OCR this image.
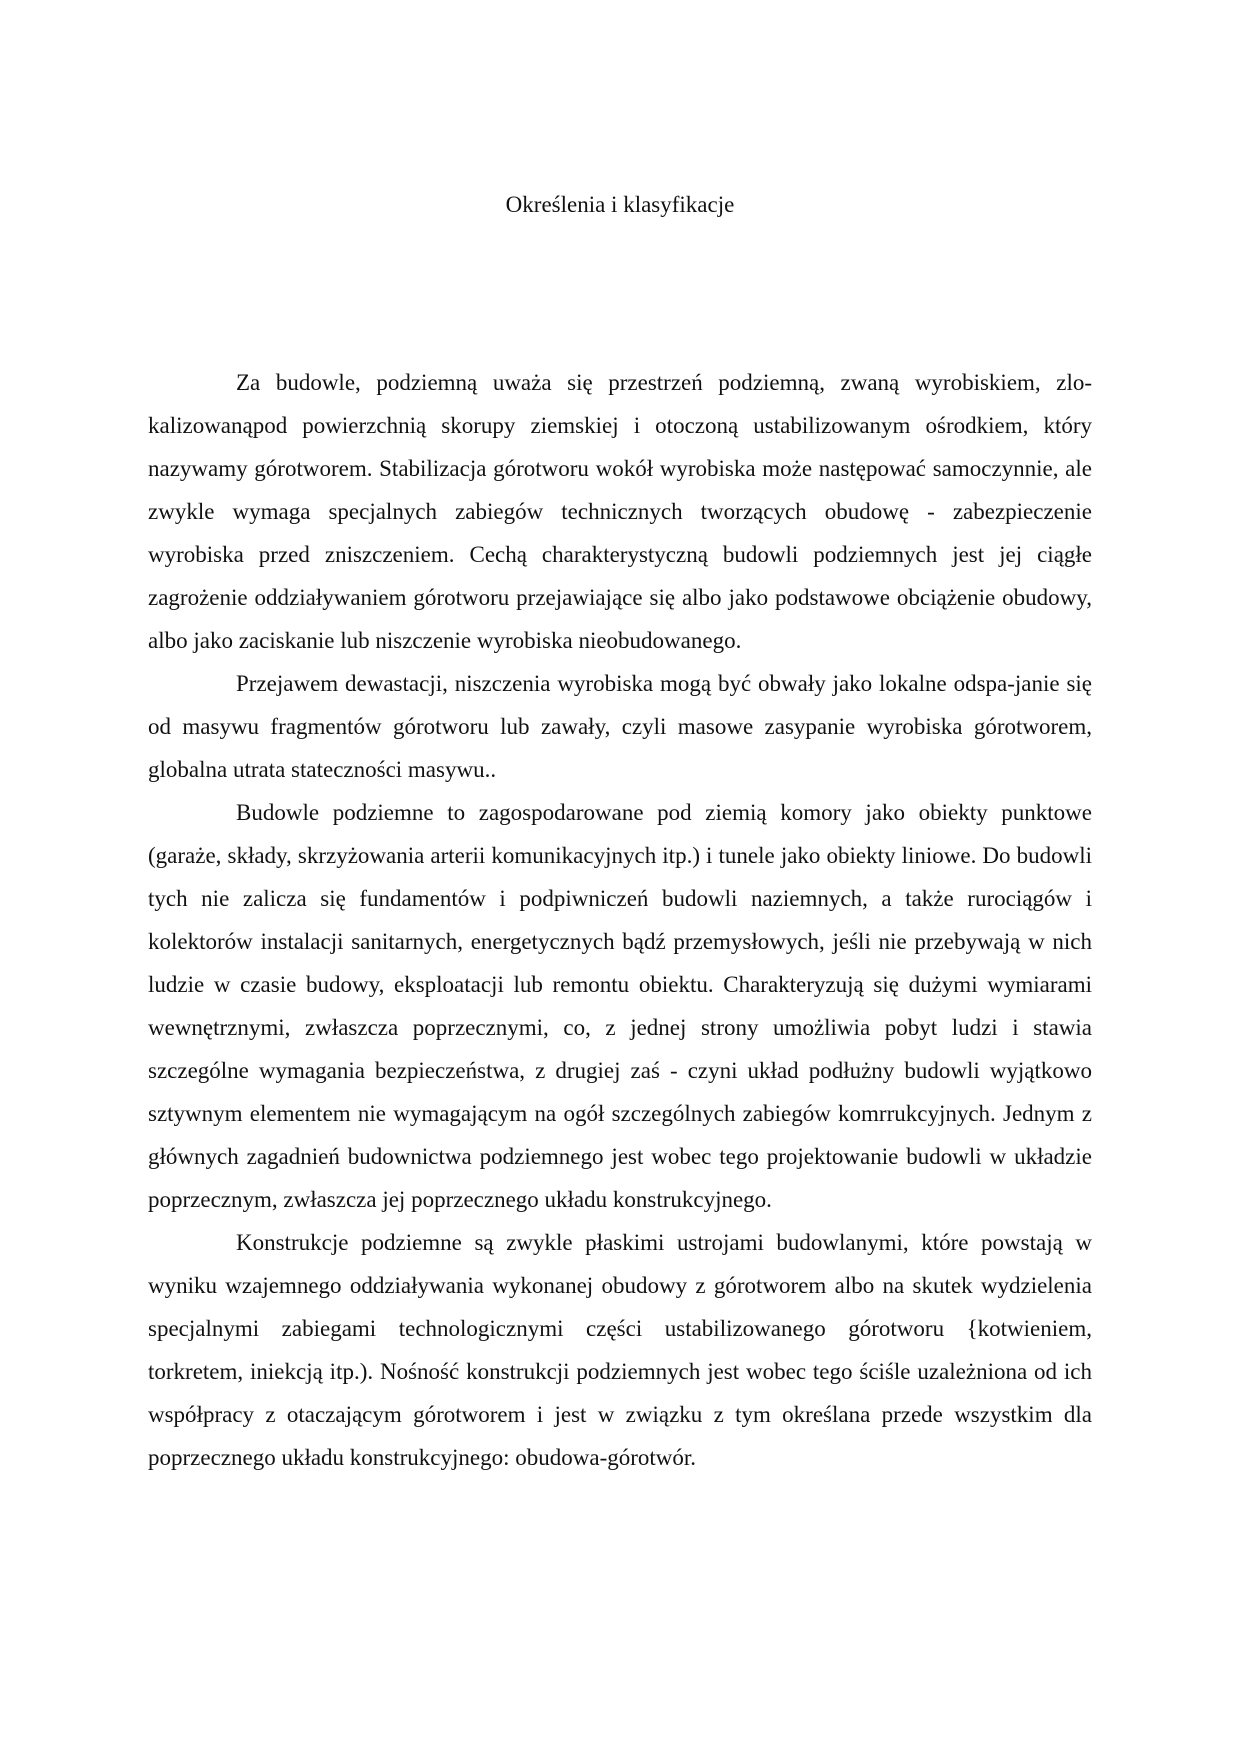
Określenia i klasyfikacje

Za budowle, podziemną uważa się przestrzeń podziemną, zwaną wyrobiskiem, zlo-kalizowanąpod powierzchnią skorupy ziemskiej i otoczoną ustabilizowanym ośrodkiem, który nazywamy górotworem. Stabilizacja górotworu wokół wyrobiska może następować samoczynnie, ale zwykle wymaga specjalnych zabiegów technicznych tworzących obudowę - zabezpieczenie wyrobiska przed zniszczeniem. Cechą charakterystyczną budowli podziemnych jest jej ciągłe zagrożenie oddziaływaniem górotworu przejawiające się albo jako podstawowe obciążenie obudowy, albo jako zaciskanie lub niszczenie wyrobiska nieobudowanego.

Przejawem dewastacji, niszczenia wyrobiska mogą być obwały jako lokalne odspa-janie się od masywu fragmentów górotworu lub zawały, czyli masowe zasypanie wyrobiska górotworem, globalna utrata stateczności masywu..

Budowle podziemne to zagospodarowane pod ziemią komory jako obiekty punktowe (garaże, składy, skrzyżowania arterii komunikacyjnych itp.) i tunele jako obiekty liniowe. Do budowli tych nie zalicza się fundamentów i podpiwniczeń budowli naziemnych, a także rurociągów i kolektorów instalacji sanitarnych, energetycznych bądź przemysłowych, jeśli nie przebywają w nich ludzie w czasie budowy, eksploatacji lub remontu obiektu. Charakteryzują się dużymi wymiarami wewnętrznymi, zwłaszcza poprzecznymi, co, z jednej strony umożliwia pobyt ludzi i stawia szczególne wymagania bezpieczeństwa, z drugiej zaś - czyni układ podłużny budowli wyjątkowo sztywnym elementem nie wymagającym na ogół szczególnych zabiegów komrrukcyjnych. Jednym z głównych zagadnień budownictwa podziemnego jest wobec tego projektowanie budowli w układzie poprzecznym, zwłaszcza jej poprzecznego układu konstrukcyjnego.

Konstrukcje podziemne są zwykle płaskimi ustrojami budowlanymi, które powstają w wyniku wzajemnego oddziaływania wykonanej obudowy z górotworem albo na skutek wydzielenia specjalnymi zabiegami technologicznymi części ustabilizowanego górotworu {kotwieniem, torkretem, iniekcją itp.). Nośność konstrukcji podziemnych jest wobec tego ściśle uzależniona od ich współpracy z otaczającym górotworem i jest w związku z tym określana przede wszystkim dla poprzecznego układu konstrukcyjnego: obudowa-górotwór.
